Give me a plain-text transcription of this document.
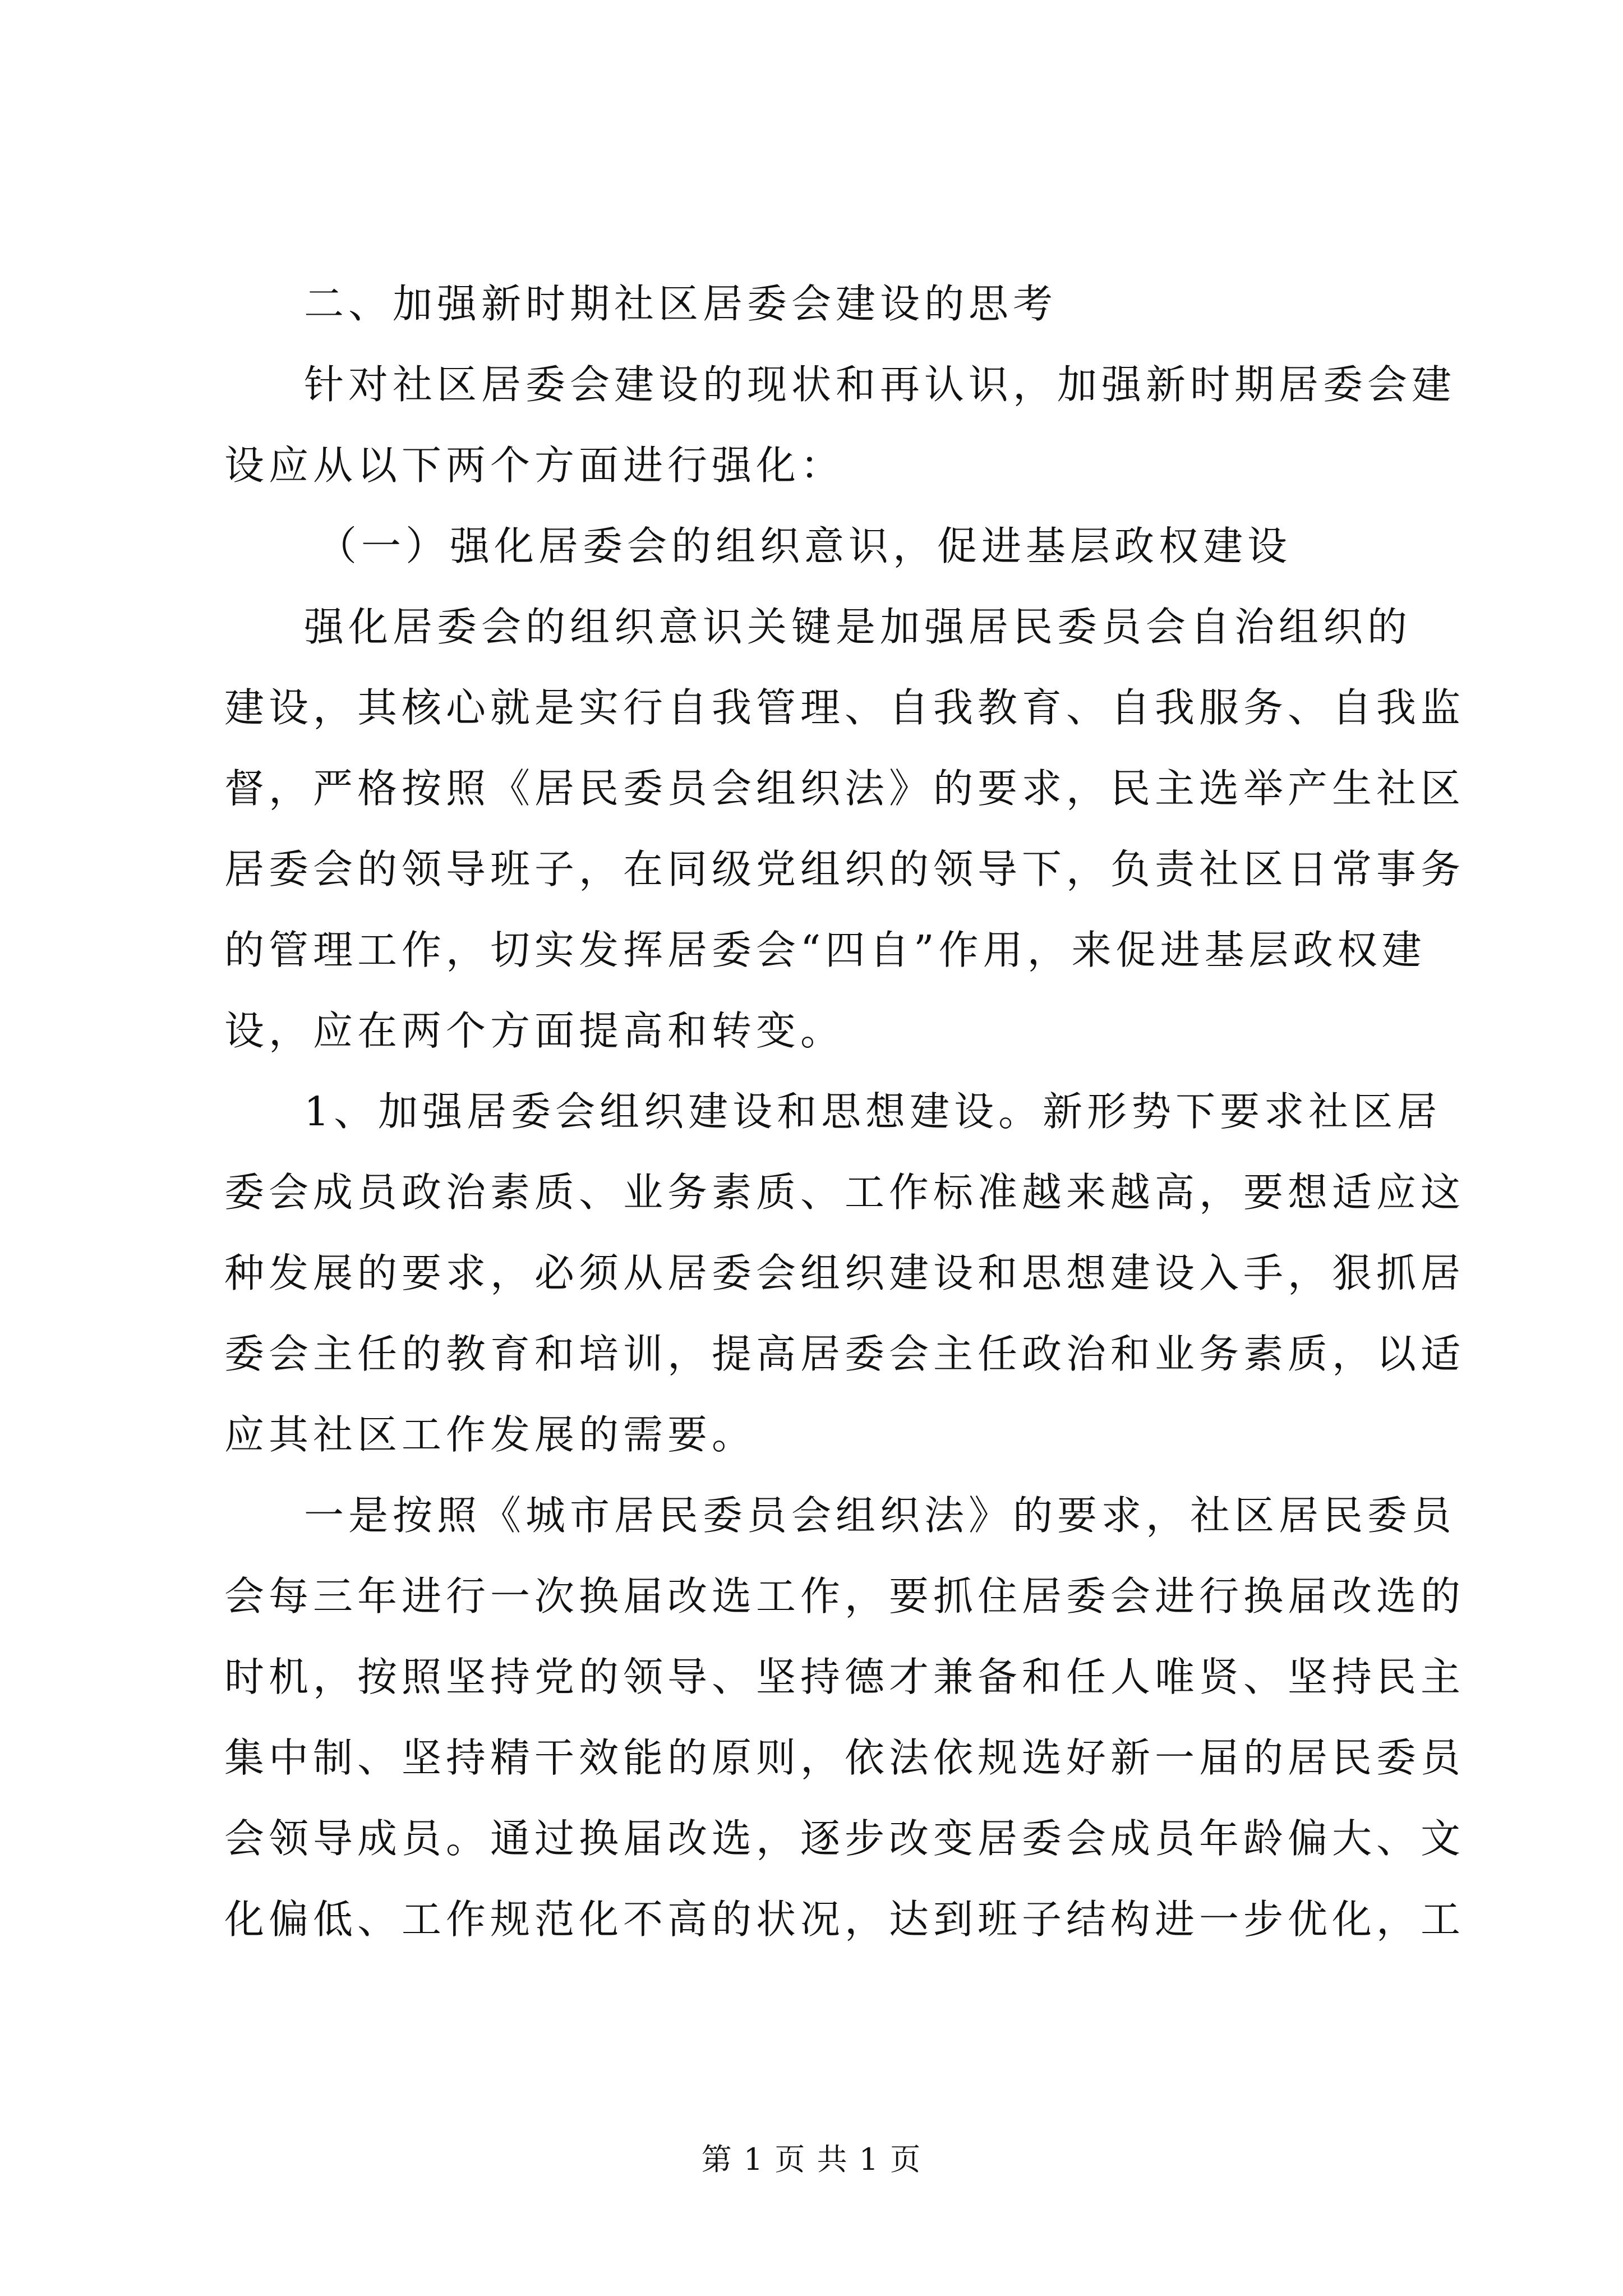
二、加强新时期社区居委会建设的思考
针对社区居委会建设的现状和再认识，加强新时期居委会建
设应从以下两个方面进行强化：
（一）强化居委会的组织意识，促进基层政权建设
强化居委会的组织意识关键是加强居民委员会自治组织的
建设，其核心就是实行自我管理、自我教育、自我服务、自我监
督，严格按照《居民委员会组织法》的要求，民主选举产生社区
居委会的领导班子，在同级党组织的领导下，负责社区日常事务
的管理工作，切实发挥居委会“四自”作用，来促进基层政权建
设，应在两个方面提高和转变。
1、加强居委会组织建设和思想建设。新形势下要求社区居
委会成员政治素质、业务素质、工作标准越来越高，要想适应这
种发展的要求，必须从居委会组织建设和思想建设入手，狠抓居
委会主任的教育和培训，提高居委会主任政治和业务素质，以适
应其社区工作发展的需要。
一是按照《城市居民委员会组织法》的要求，社区居民委员
会每三年进行一次换届改选工作，要抓住居委会进行换届改选的
时机，按照坚持党的领导、坚持德才兼备和任人唯贤、坚持民主
集中制、坚持精干效能的原则，依法依规选好新一届的居民委员
会领导成员。通过换届改选，逐步改变居委会成员年龄偏大、文
化偏低、工作规范化不高的状况，达到班子结构进一步优化，工
第 1 页 共 1 页
